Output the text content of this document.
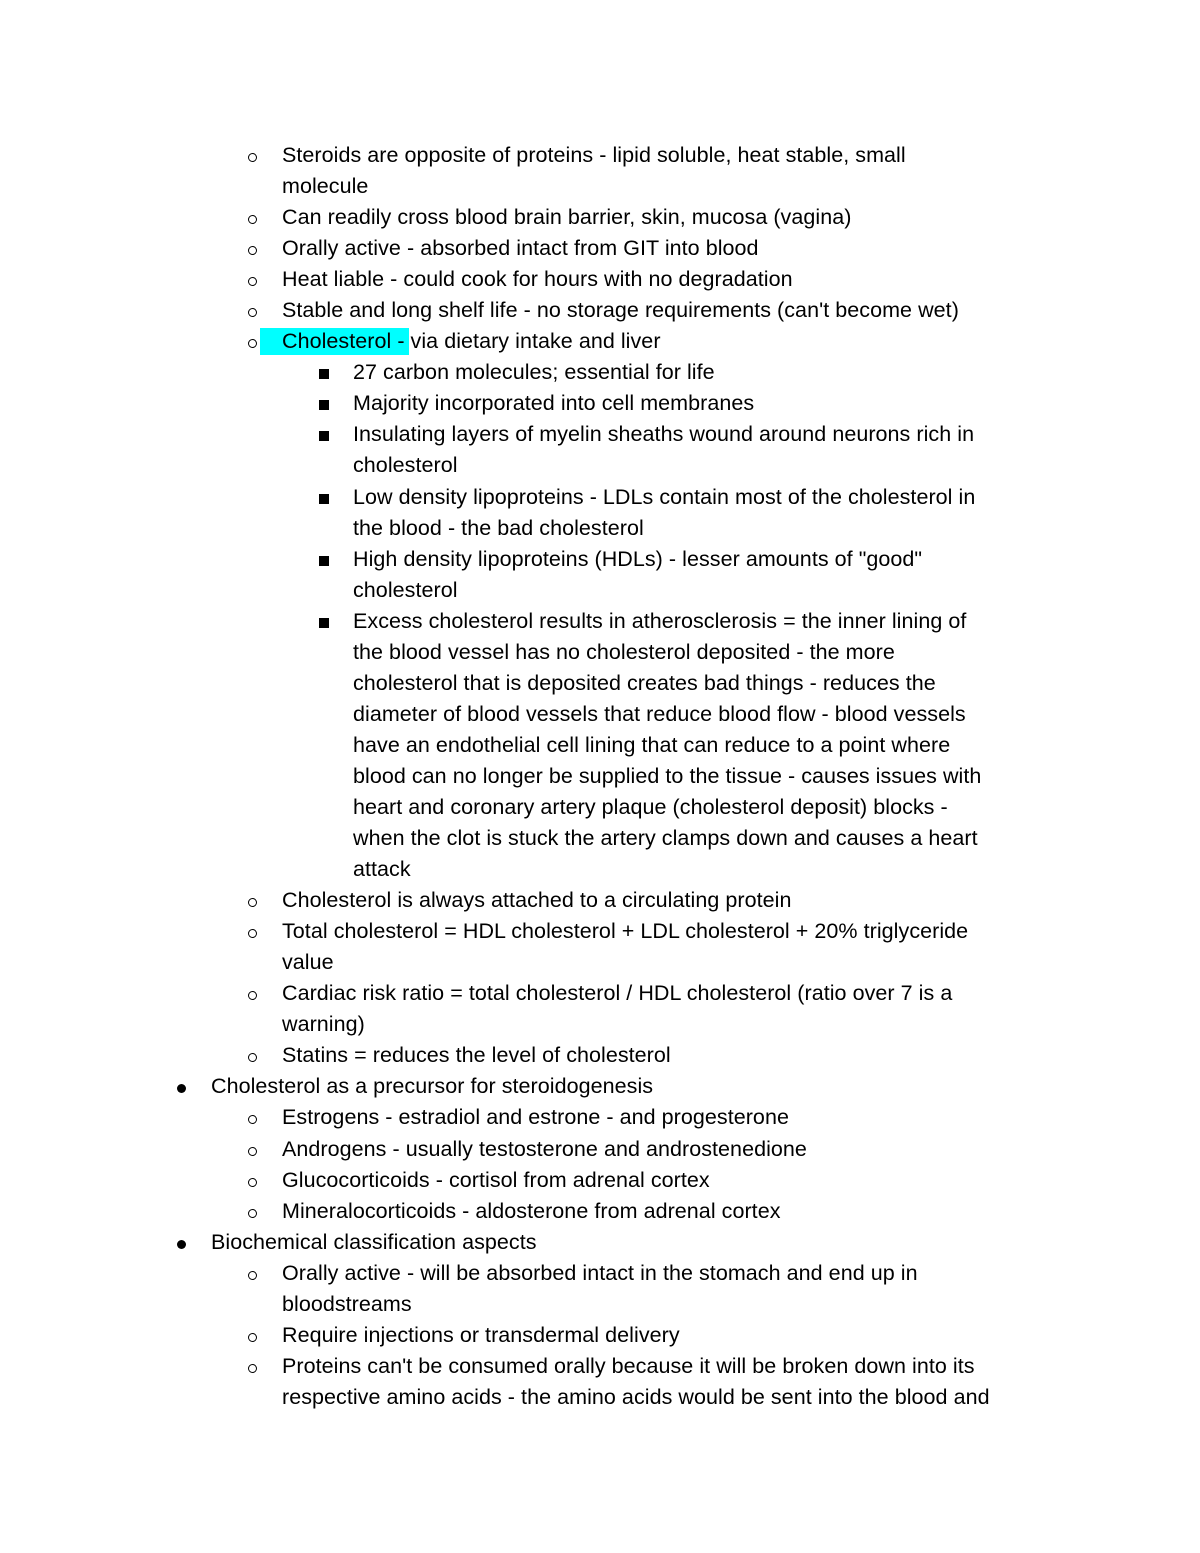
Steroids are opposite of proteins - lipid soluble, heat stable, small
molecule
Can readily cross blood brain barrier, skin, mucosa (vagina)
Orally active - absorbed intact from GIT into blood
Heat liable - could cook for hours with no degradation
Stable and long shelf life - no storage requirements (can't become wet)
Cholesterol - via dietary intake and liver
27 carbon molecules; essential for life
Majority incorporated into cell membranes
Insulating layers of myelin sheaths wound around neurons rich in
cholesterol
Low density lipoproteins - LDLs contain most of the cholesterol in
the blood - the bad cholesterol
High density lipoproteins (HDLs) - lesser amounts of "good"
cholesterol
Excess cholesterol results in atherosclerosis = the inner lining of
the blood vessel has no cholesterol deposited - the more
cholesterol that is deposited creates bad things - reduces the
diameter of blood vessels that reduce blood flow - blood vessels
have an endothelial cell lining that can reduce to a point where
blood can no longer be supplied to the tissue - causes issues with
heart and coronary artery plaque (cholesterol deposit) blocks -
when the clot is stuck the artery clamps down and causes a heart
attack
Cholesterol is always attached to a circulating protein
Total cholesterol = HDL cholesterol + LDL cholesterol + 20% triglyceride
value
Cardiac risk ratio = total cholesterol / HDL cholesterol (ratio over 7 is a
warning)
Statins = reduces the level of cholesterol
Cholesterol as a precursor for steroidogenesis
Estrogens - estradiol and estrone - and progesterone
Androgens - usually testosterone and androstenedione
Glucocorticoids - cortisol from adrenal cortex
Mineralocorticoids - aldosterone from adrenal cortex
Biochemical classification aspects
Orally active - will be absorbed intact in the stomach and end up in
bloodstreams
Require injections or transdermal delivery
Proteins can't be consumed orally because it will be broken down into its
respective amino acids - the amino acids would be sent into the blood and
